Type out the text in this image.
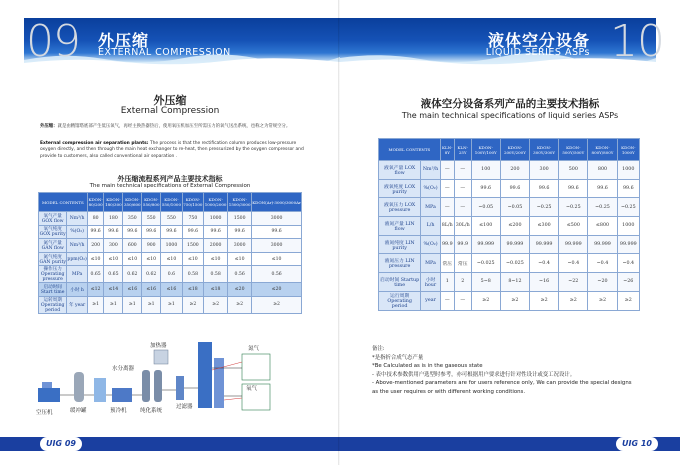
09 外压缩
EXTERNAL COMPRESSION
外压缩
External Compression
外压缩：就是由精馏塔底部产生低压氧气，再经主换热器热后，使用氧压机加压至所需压力的氧气送出系统，也称之为常规空分。
External compression air separation plants: The process is that the rectification column produces low-pressure oxygen directly, and then through the main heat exchanger to re-heat, then pressurized by the oxygen compressor and provide to customers, also called conventional air separation .
外压缩流程系列产品主要技术指标
The main technical specifications of External Compression
空压机	缓冲罐
水分离器
预冷机 纯化系统
加热器
过滤器
氮气
氧气
UIG 09
10
液体空分设备
LIQUID SERIES ASPs
UIG 10
液体空分设备系列产品的主要技术指标
The main technical specifications of liquid series ASPs
MODEL CONTENTS		KDON-80/200	KDON-180/300	KDON-350/600	KDON-550/800	KDON-550/1000	KDON-750/1500	KDON-1000/2000	KDON-1500/3000	KDON(Ar)-3000/3000Ar
氧气产量 GOX flow	Nm³/h	80	180	350	550	550	750	1000	1500	3000
氧气纯度 GOX purity	%(O₂)	99.6	99.6	99.6	99.6	99.6	99.6	99.6	99.6	99.6
氮气产量 GAN flow	Nm³/h	200	300	600	900	1000	1500	2000	3000	3000
氮气纯度 GAN purity	ppm(O₂)	≤10	≤10	≤10	≤10	≤10	≤10	≤10	≤10	≤10
操作压力 Operating pressure	MPa	0.65	0.65	0.62	0.62	0.6	0.58	0.58	0.56	0.56
启动时间 Start time	小时 h	≤12	≤14	≤16	≤16	≤16	≤18	≤18	≤20	≤20
运转周期 Operating period	年 year	≥1	≥1	≥1	≥1	≥1	≥2	≥2	≥2	≥2
MODEL CONTENTS		KLN-8Y	KLN-25Y	KDON-100Y/100Y	KDON-200Y/200Y	KDON-300Y/300Y	KDON-500Y/500Y	KDON-800Y/800Y	KDON-1000Y
液氧产量 LOX flow	Nm³/h	—	—	100	200	300	500	800	1000
液氧纯度 LOX purity	%(O₂)	—	—	99.6	99.6	99.6	99.6	99.6	99.6
液氧压力 LOX pressure	MPa	—	—	~0.05	~0.05	~0.25	~0.25	~0.25	~0.25
液氮产量 LIN flow	L/h	8L/h	30L/h	≤100	≤200	≤300	≤500	≤800	1000
液氮纯度 LIN purity	%(O₂)	99.9	99.9	99.999	99.999	99.999	99.999	99.999	99.999
液氮压力 LIN pressure	MPa	常压	常压	~0.025	~0.025	~0.4	~0.4	~0.4	~0.4
启动时间 Startup time	小时 hour	1	2	5~8	8~12	~16	~22	~20	~26
运行周期 Operating period	year	—	—	≥2	≥2	≥2	≥2	≥2	≥2
备注:
*是指折合成气态产量
*Be Calculated as is in the gaseous state
- 表中技术参数供用户选型时参考，亦可根据用户要求进行针对性设计或变工况设计。
- Above-mentioned parameters are for users reference only, We can provide the special designs as the user requires or with different working conditions.
